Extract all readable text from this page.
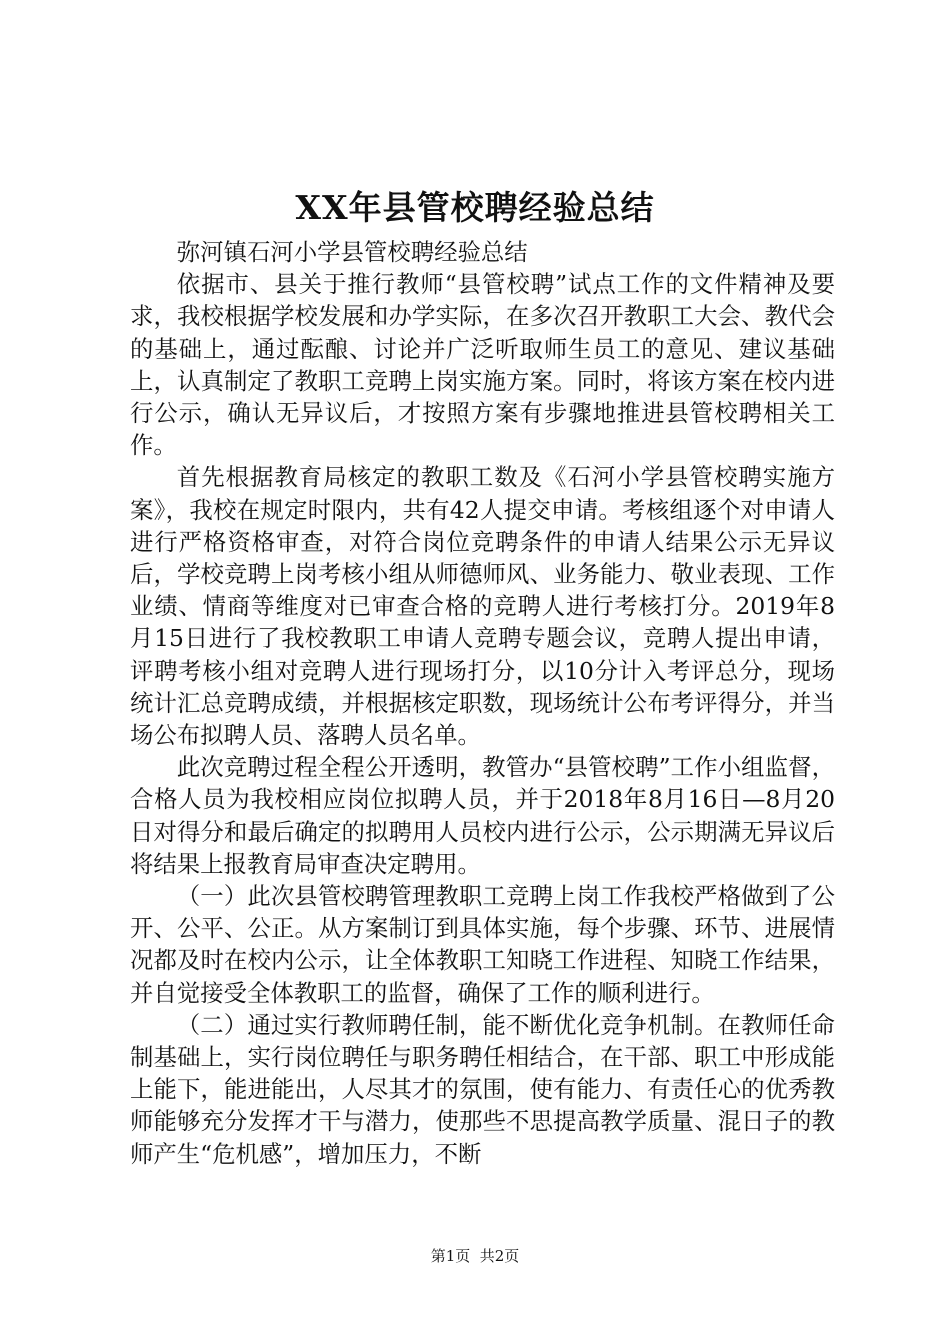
XX年县管校聘经验总结

弥河镇石河小学县管校聘经验总结

依据市、县关于推行教师“县管校聘”试点工作的文件精神及要求，我校根据学校发展和办学实际，在多次召开教职工大会、教代会的基础上，通过酝酿、讨论并广泛听取师生员工的意见、建议基础上，认真制定了教职工竞聘上岗实施方案。同时，将该方案在校内进行公示，确认无异议后，才按照方案有步骤地推进县管校聘相关工作。

首先根据教育局核定的教职工数及《石河小学县管校聘实施方案》，我校在规定时限内，共有42人提交申请。考核组逐个对申请人进行严格资格审查，对符合岗位竞聘条件的申请人结果公示无异议后，学校竞聘上岗考核小组从师德师风、业务能力、敬业表现、工作业绩、情商等维度对已审查合格的竞聘人进行考核打分。2019年8月15日进行了我校教职工申请人竞聘专题会议，竞聘人提出申请，评聘考核小组对竞聘人进行现场打分，以10分计入考评总分，现场统计汇总竞聘成绩，并根据核定职数，现场统计公布考评得分，并当场公布拟聘人员、落聘人员名单。

此次竞聘过程全程公开透明，教管办“县管校聘”工作小组监督，合格人员为我校相应岗位拟聘人员，并于2018年8月16日—8月20日对得分和最后确定的拟聘用人员校内进行公示，公示期满无异议后将结果上报教育局审查决定聘用。

（一）此次县管校聘管理教职工竞聘上岗工作我校严格做到了公开、公平、公正。从方案制订到具体实施，每个步骤、环节、进展情况都及时在校内公示，让全体教职工知晓工作进程、知晓工作结果，并自觉接受全体教职工的监督，确保了工作的顺利进行。

（二）通过实行教师聘任制，能不断优化竞争机制。在教师任命制基础上，实行岗位聘任与职务聘任相结合，在干部、职工中形成能上能下，能进能出，人尽其才的氛围，使有能力、有责任心的优秀教师能够充分发挥才干与潜力，使那些不思提高教学质量、混日子的教师产生“危机感”，增加压力，不断

第1页  共2页
